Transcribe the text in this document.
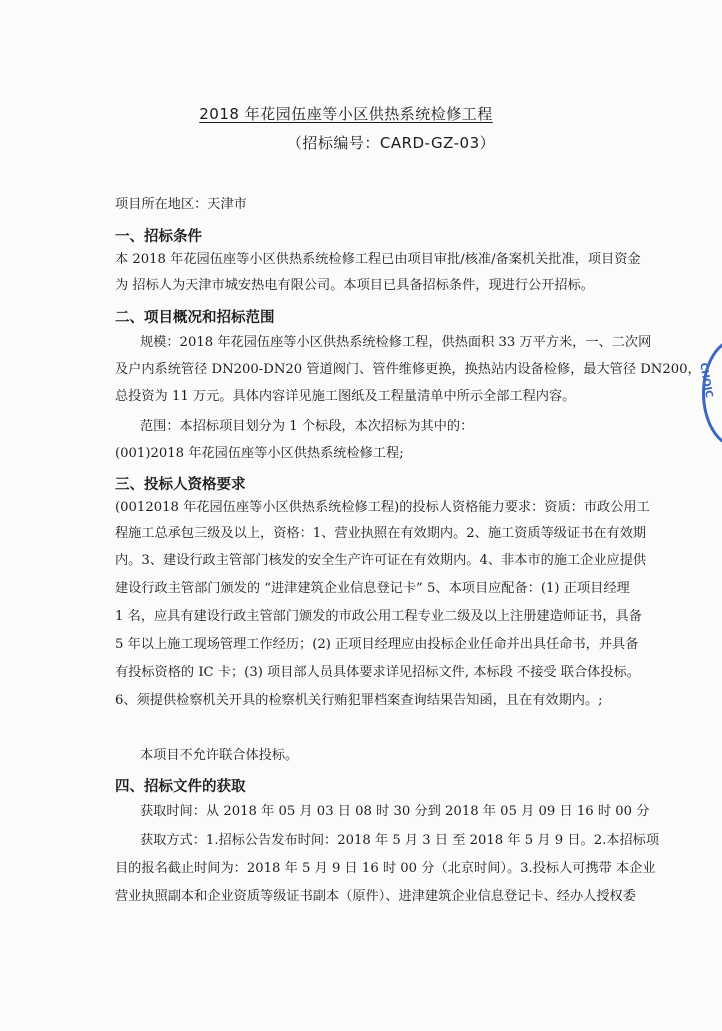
2018 年花园伍座等小区供热系统检修工程
（招标编号：CARD-GZ-03）
项目所在地区：天津市
一、招标条件
本 2018 年花园伍座等小区供热系统检修工程已由项目审批/核准/备案机关批准，项目资金
为 招标人为天津市城安热电有限公司。本项目已具备招标条件，现进行公开招标。
二、项目概况和招标范围
规模：2018 年花园伍座等小区供热系统检修工程，供热面积 33 万平方米，一、二次网
及户内系统管径 DN200-DN20 管道阀门、管件维修更换，换热站内设备检修，最大管径 DN200，
总投资为 11 万元。具体内容详见施工图纸及工程量清单中所示全部工程内容。
范围：本招标项目划分为 1 个标段，本次招标为其中的：
(001)2018 年花园伍座等小区供热系统检修工程;
三、投标人资格要求
(0012018 年花园伍座等小区供热系统检修工程)的投标人资格能力要求：资质：市政公用工
程施工总承包三级及以上，资格：1、营业执照在有效期内。2、施工资质等级证书在有效期
内。3、建设行政主管部门核发的安全生产许可证在有效期内。4、非本市的施工企业应提供
建设行政主管部门颁发的 “进津建筑企业信息登记卡” 5、本项目应配备：(1) 正项目经理
1 名，应具有建设行政主管部门颁发的市政公用工程专业二级及以上注册建造师证书，具备
5 年以上施工现场管理工作经历；(2) 正项目经理应由投标企业任命并出具任命书，并具备
有投标资格的 IC 卡；(3) 项目部人员具体要求详见招标文件, 本标段 不接受 联合体投标。
6、须提供检察机关开具的检察机关行贿犯罪档案查询结果告知函，且在有效期内。;
本项目不允许联合体投标。
四、招标文件的获取
获取时间：从 2018 年 05 月 03 日 08 时 30 分到 2018 年 05 月 09 日 16 时 00 分
获取方式：1.招标公告发布时间：2018 年 5 月 3 日 至 2018 年 5 月 9 日。2.本招标项
目的报名截止时间为：2018 年 5 月 9 日 16 时 00 分（北京时间）。3.投标人可携带 本企业
营业执照副本和企业资质等级证书副本（原件）、进津建筑企业信息登记卡、经办人授权委
CHOIC
